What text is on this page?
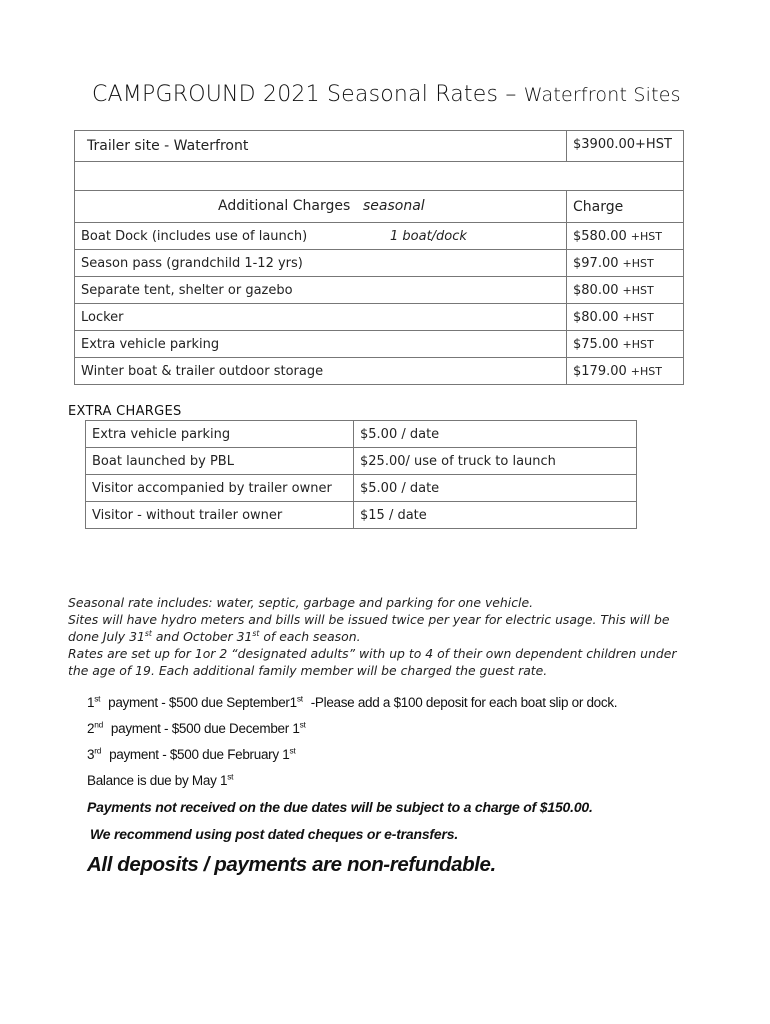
CAMPGROUND 2021 Seasonal Rates – Waterfront Sites
Trailer site - Waterfront	$3900.00+HST

Additional Charges seasonal	Charge

Boat Dock (includes use of launch) 1 boat/dock	$580.00 +HST
Season pass (grandchild 1-12 yrs)	$97.00 +HST
Separate tent, shelter or gazebo	$80.00 +HST
Locker	$80.00 +HST
Extra vehicle parking	$75.00 +HST
Winter boat & trailer outdoor storage	$179.00 +HST
EXTRA CHARGES
Extra vehicle parking	$5.00 / date
Boat launched by PBL	$25.00/ use of truck to launch
Visitor accompanied by trailer owner	$5.00 / date
Visitor - without trailer owner	$15 / date

Seasonal rate includes: water, septic, garbage and parking for one vehicle.

Sites will have hydro meters and bills will be issued twice per year for electric usage. This will be done July 31st and October 31st of each season.

Rates are set up for 1or 2 “designated adults” with up to 4 of their own dependent children under the age of 19. Each additional family member will be charged the guest rate.

1st payment - $500 due September1st -Please add a $100 deposit for each boat slip or dock.
2nd payment - $500 due December 1st
3rd payment - $500 due February 1st
Balance is due by May 1st
Payments not received on the due dates will be subject to a charge of $150.00.
We recommend using post dated cheques or e-transfers.
All deposits / payments are non-refundable.
